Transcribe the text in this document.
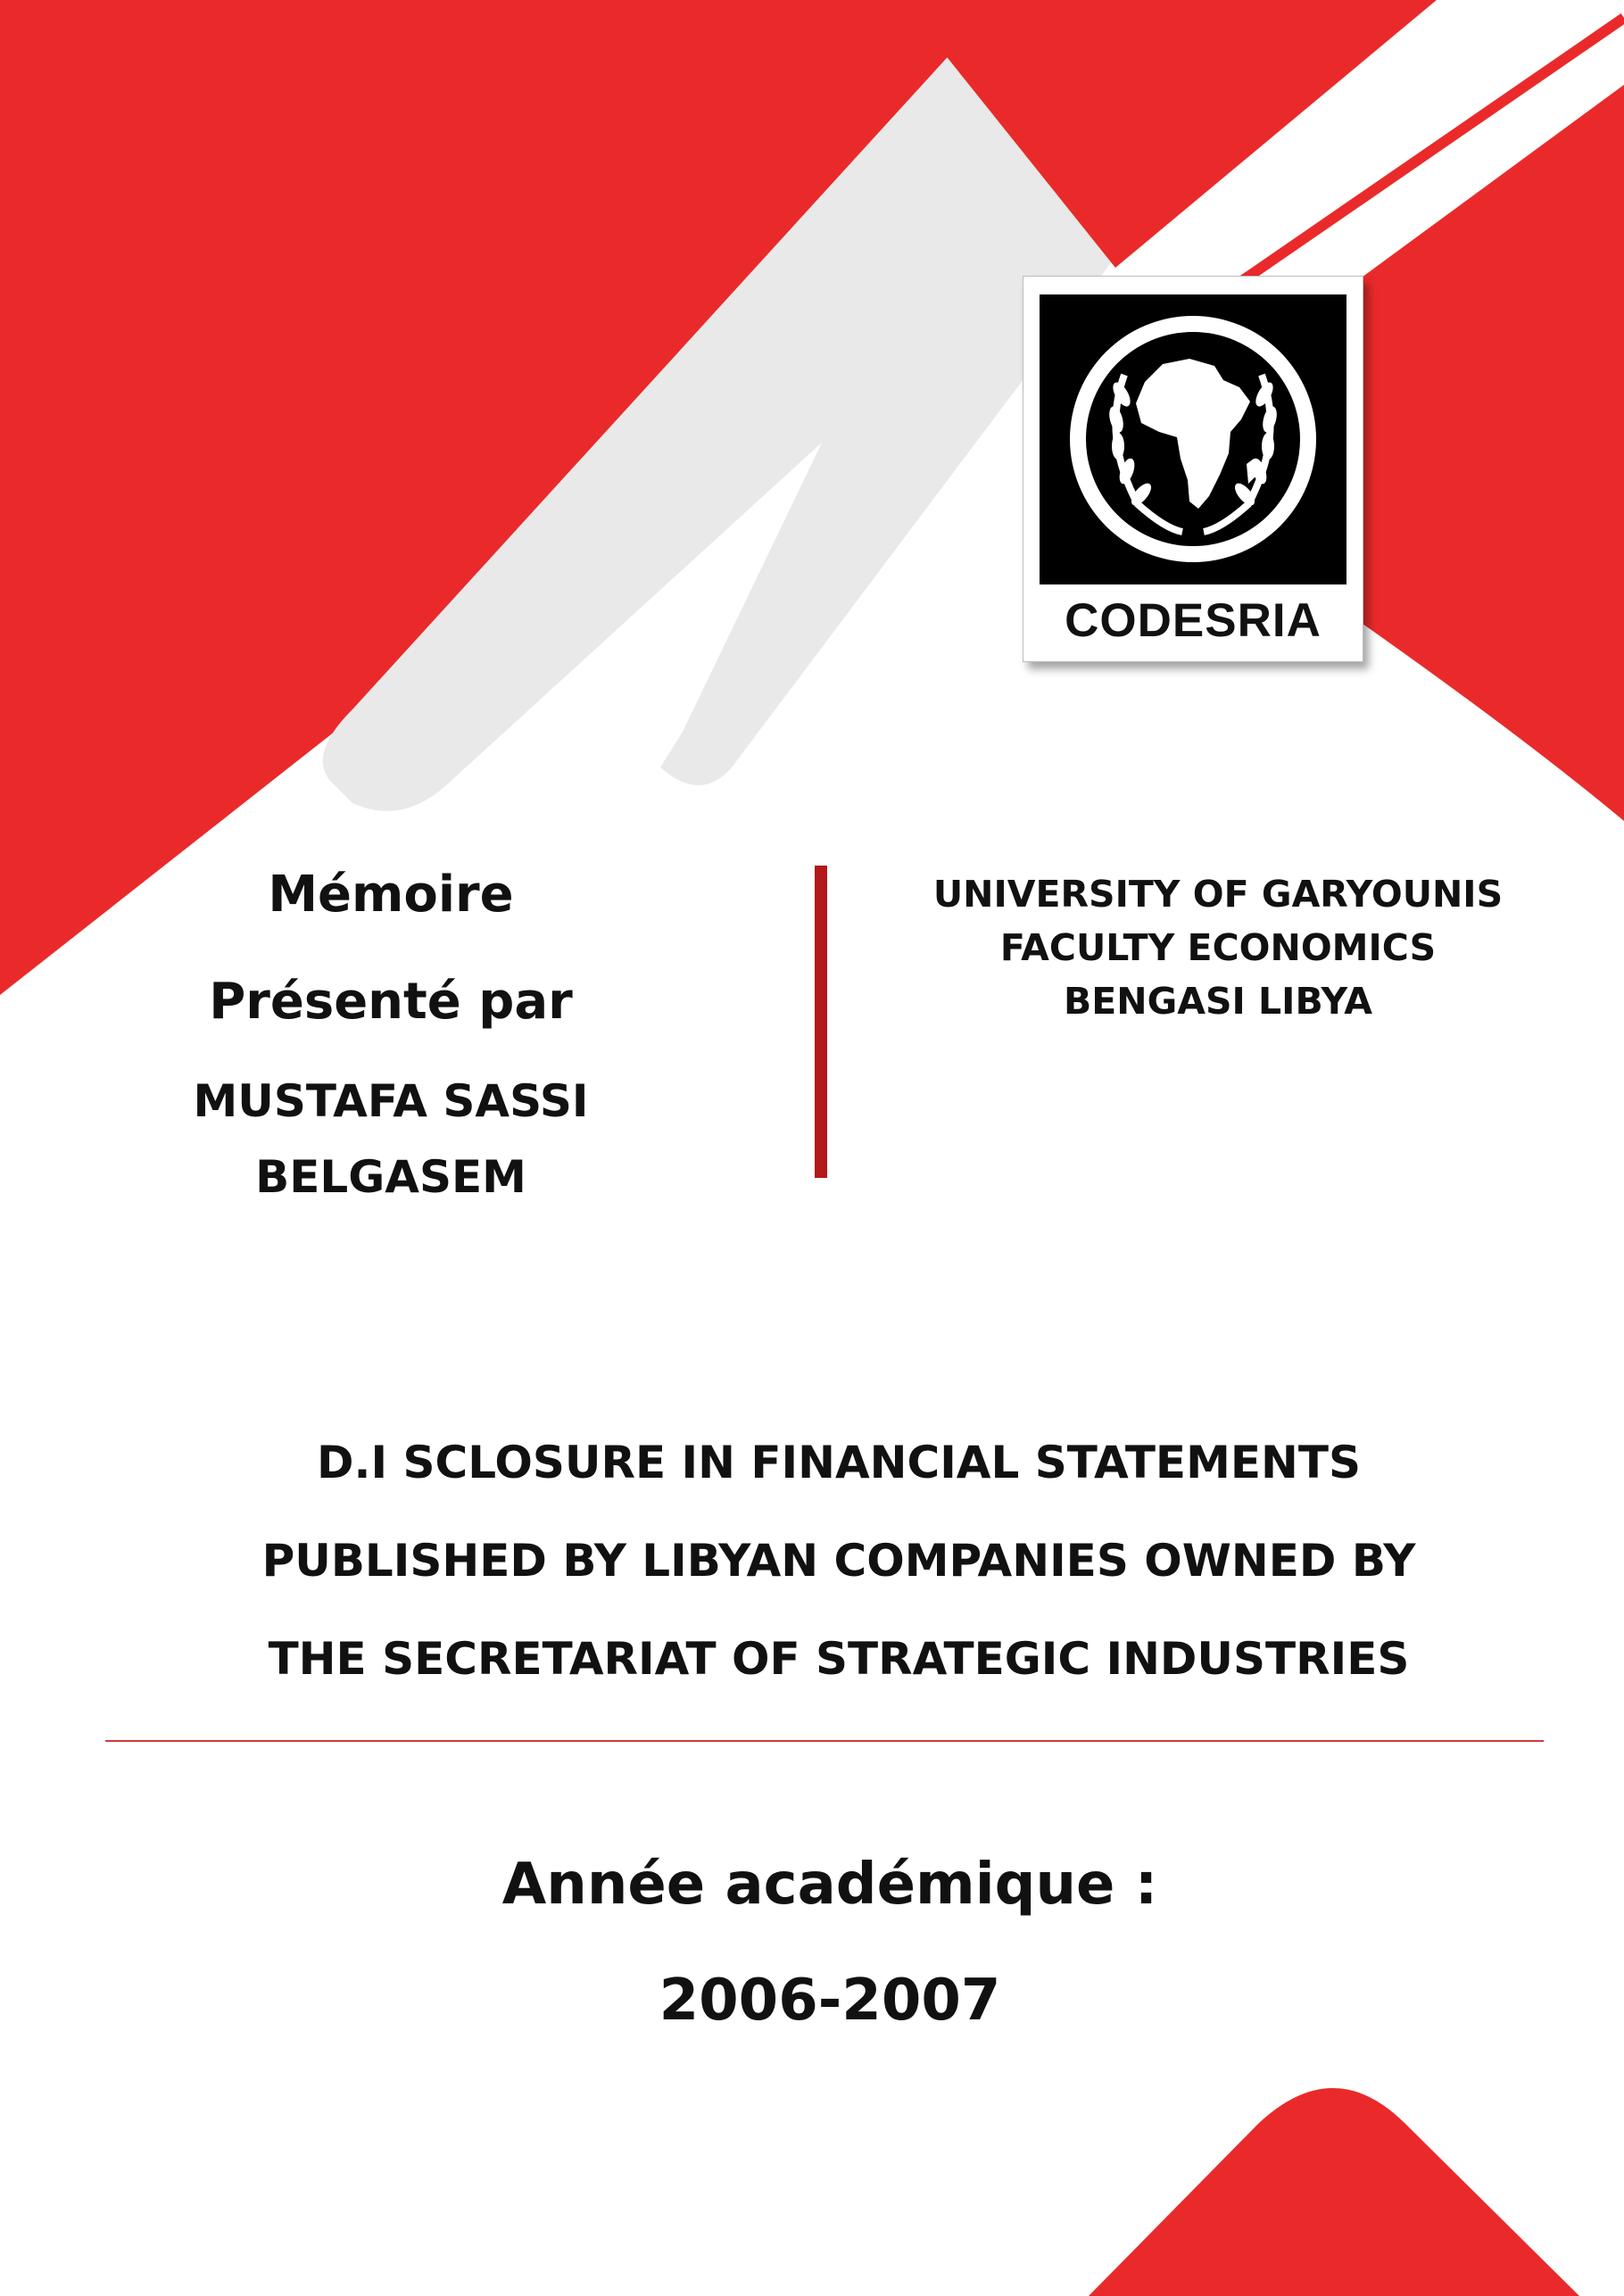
CODESRIA

Mémoire

Présenté par

MUSTAFA SASSI

BELGASEM

UNIVERSITY OF GARYOUNIS

FACULTY ECONOMICS

BENGASI LIBYA

D.I SCLOSURE IN FINANCIAL STATEMENTS

PUBLISHED BY LIBYAN COMPANIES OWNED BY

THE SECRETARIAT OF STRATEGIC INDUSTRIES

Année académique :

2006-2007
